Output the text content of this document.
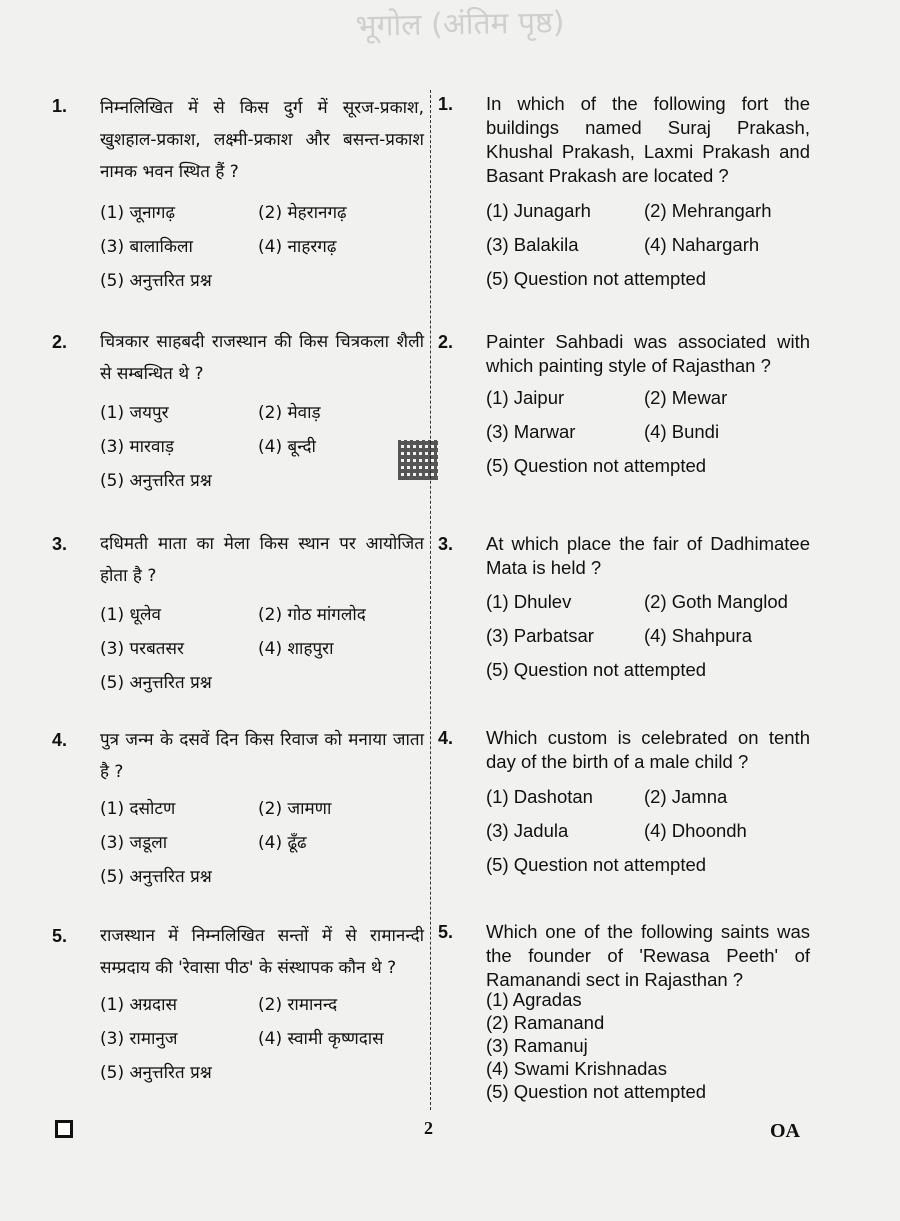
भूगोल (अंतिम पृष्ठ)
1. निम्नलिखित में से किस दुर्ग में सूरज-प्रकाश, खुशहाल-प्रकाश, लक्ष्मी-प्रकाश और बसन्त-प्रकाश नामक भवन स्थित हैं ?
(1) जूनागढ़	(2) मेहरानगढ़
(3) बालाकिला	(4) नाहरगढ़
(5) अनुत्तरित प्रश्न
2. चित्रकार साहबदी राजस्थान की किस चित्रकला शैली से सम्बन्धित थे ?
(1) जयपुर	(2) मेवाड़
(3) मारवाड़	(4) बून्दी
(5) अनुत्तरित प्रश्न
3. दधिमती माता का मेला किस स्थान पर आयोजित होता है ?
(1) धूलेव	(2) गोठ मांगलोद
(3) परबतसर	(4) शाहपुरा
(5) अनुत्तरित प्रश्न
4. पुत्र जन्म के दसवें दिन किस रिवाज को मनाया जाता है ?
(1) दसोटण	(2) जामणा
(3) जडूला	(4) ढूँढ
(5) अनुत्तरित प्रश्न
5. राजस्थान में निम्नलिखित सन्तों में से रामानन्दी सम्प्रदाय की 'रेवासा पीठ' के संस्थापक कौन थे ?
(1) अग्रदास	(2) रामानन्द
(3) रामानुज	(4) स्वामी कृष्णदास
(5) अनुत्तरित प्रश्न
1. In which of the following fort the buildings named Suraj Prakash, Khushal Prakash, Laxmi Prakash and Basant Prakash are located ?
(1) Junagarh	(2) Mehrangarh
(3) Balakila	(4) Nahargarh
(5) Question not attempted
2. Painter Sahbadi was associated with which painting style of Rajasthan ?
(1) Jaipur	(2) Mewar
(3) Marwar	(4) Bundi
(5) Question not attempted
3. At which place the fair of Dadhimatee Mata is held ?
(1) Dhulev	(2) Goth Manglod
(3) Parbatsar	(4) Shahpura
(5) Question not attempted
4. Which custom is celebrated on tenth day of the birth of a male child ?
(1) Dashotan	(2) Jamna
(3) Jadula	(4) Dhoondh
(5) Question not attempted
5. Which one of the following saints was the founder of 'Rewasa Peeth' of Ramanandi sect in Rajasthan ?
(1) Agradas
(2) Ramanand
(3) Ramanuj
(4) Swami Krishnadas
(5) Question not attempted
2	OA
